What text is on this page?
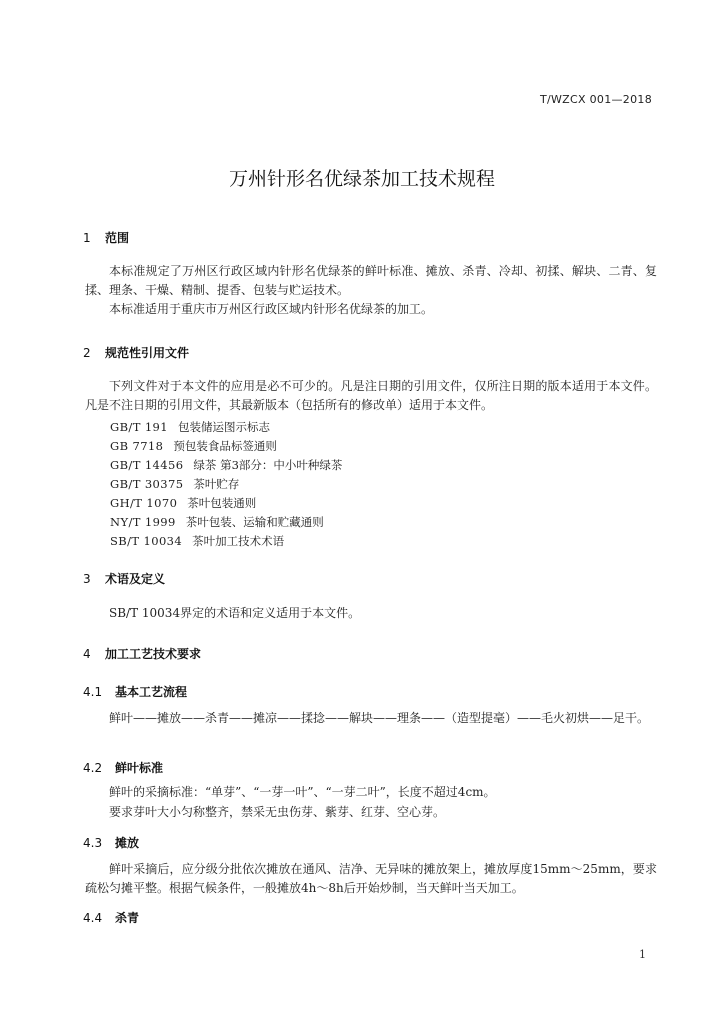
T/WZCX 001—2018
万州针形名优绿茶加工技术规程
1 范围
本标准规定了万州区行政区域内针形名优绿茶的鲜叶标准、摊放、杀青、冷却、初揉、解块、二青、复揉、理条、干燥、精制、提香、包装与贮运技术。
本标准适用于重庆市万州区行政区域内针形名优绿茶的加工。
2 规范性引用文件
下列文件对于本文件的应用是必不可少的。凡是注日期的引用文件，仅所注日期的版本适用于本文件。凡是不注日期的引用文件，其最新版本（包括所有的修改单）适用于本文件。
GB/T 191 包装储运图示标志
GB 7718 预包装食品标签通则
GB/T 14456 绿茶 第3部分：中小叶种绿茶
GB/T 30375 茶叶贮存
GH/T 1070 茶叶包装通则
NY/T 1999 茶叶包装、运输和贮藏通则
SB/T 10034 茶叶加工技术术语
3 术语及定义
SB/T 10034界定的术语和定义适用于本文件。
4 加工工艺技术要求
4.1 基本工艺流程
鲜叶——摊放——杀青——摊凉——揉捻——解块——理条——（造型提毫）——毛火初烘——足干。
4.2 鲜叶标准
鲜叶的采摘标准：“单芽”、“一芽一叶”、“一芽二叶”，长度不超过4cm。
要求芽叶大小匀称整齐，禁采无虫伤芽、紫芽、红芽、空心芽。
4.3 摊放
鲜叶采摘后，应分级分批依次摊放在通风、洁净、无异味的摊放架上，摊放厚度15mm～25mm，要求疏松匀摊平整。根据气候条件，一般摊放4h～8h后开始炒制，当天鲜叶当天加工。
4.4 杀青
1
